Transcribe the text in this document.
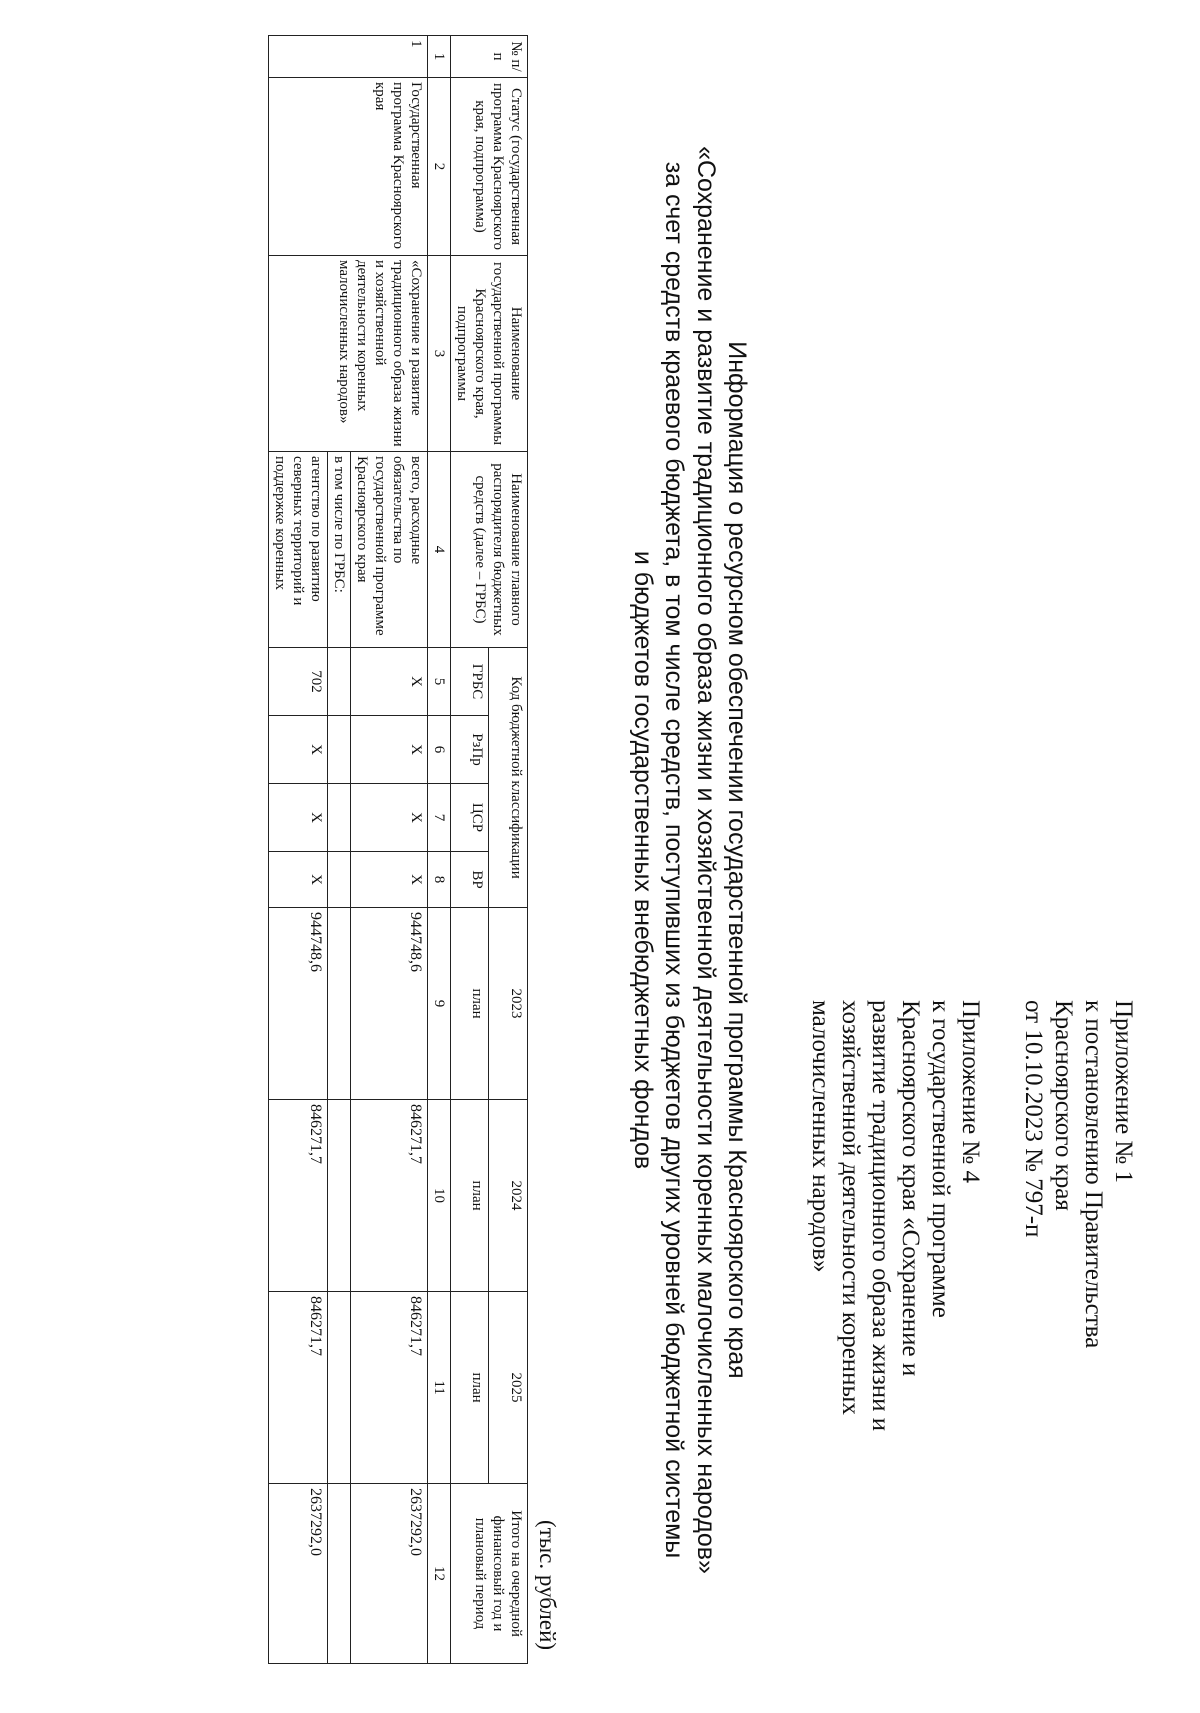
Приложение № 1
к постановлению Правительства
Красноярского края
от 10.10.2023 № 797-п
Приложение № 4
к государственной программе
Красноярского края «Сохранение и
развитие традиционного образа жизни и
хозяйственной деятельности коренных
малочисленных народов»
Информация о ресурсном обеспечении государственной программы Красноярского края
«Сохранение и развитие традиционного образа жизни и хозяйственной деятельности коренных малочисленных народов»
за счет средств краевого бюджета, в том числе средств, поступивших из бюджетов других уровней бюджетной системы
и бюджетов государственных внебюджетных фондов
(тыс. рублей)
№ п/п	Статус (государственная программа Красноярского края, подпрограмма)	Наименование государственной программы Красноярского края, подпрограммы	Наименование главного распорядителя бюджетных средств (далее – ГРБС)	Код бюджетной классификации				2023	2024	2025	Итого на очередной финансовый год и плановый период
				ГРБС	РзПр	ЦСР	ВР	план	план	план	
1	2	3	4	5	6	7	8	9	10	11	12
1	Государственная программа Красноярского края	«Сохранение и развитие традиционного образа жизни и хозяйственной деятельности коренных малочисленных народов»	всего, расходные обязательства по государственной программе Красноярского края	Х	Х	Х	Х	944748,6	846271,7	846271,7	2637292,0
			в том числе по ГРБС:								
			агентство по развитию северных территорий и поддержке коренных	702	Х	Х	Х	944748,6	846271,7	846271,7	2637292,0
